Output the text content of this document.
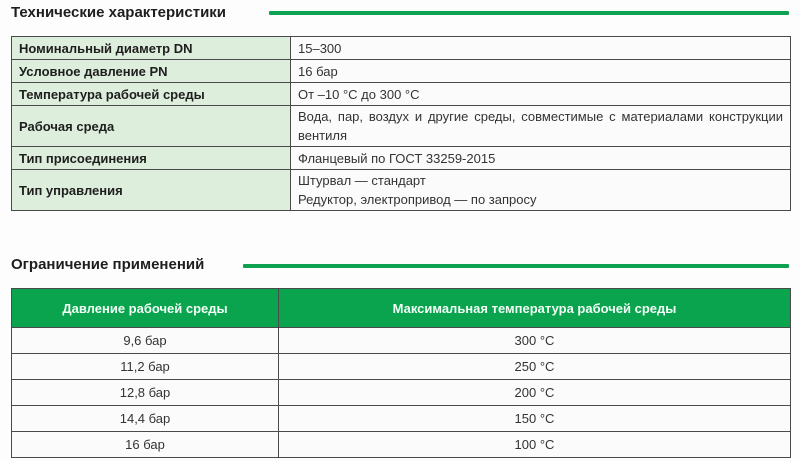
Технические характеристики
Номинальный диаметр DN	15–300
Условное давление PN	16 бар
Температура рабочей среды	От –10 °С до 300 °С
Рабочая среда	Вода, пар, воздух и другие среды, совместимые с материалами конструкции вентиля
Тип присоединения	Фланцевый по ГОСТ 33259-2015
Тип управления	Штурвал — стандарт
Редуктор, электропривод — по запросу
Ограничение применений
Давление рабочей среды	Максимальная температура рабочей среды
9,6 бар	300 °С
11,2 бар	250 °С
12,8 бар	200 °С
14,4 бар	150 °С
16 бар	100 °С
